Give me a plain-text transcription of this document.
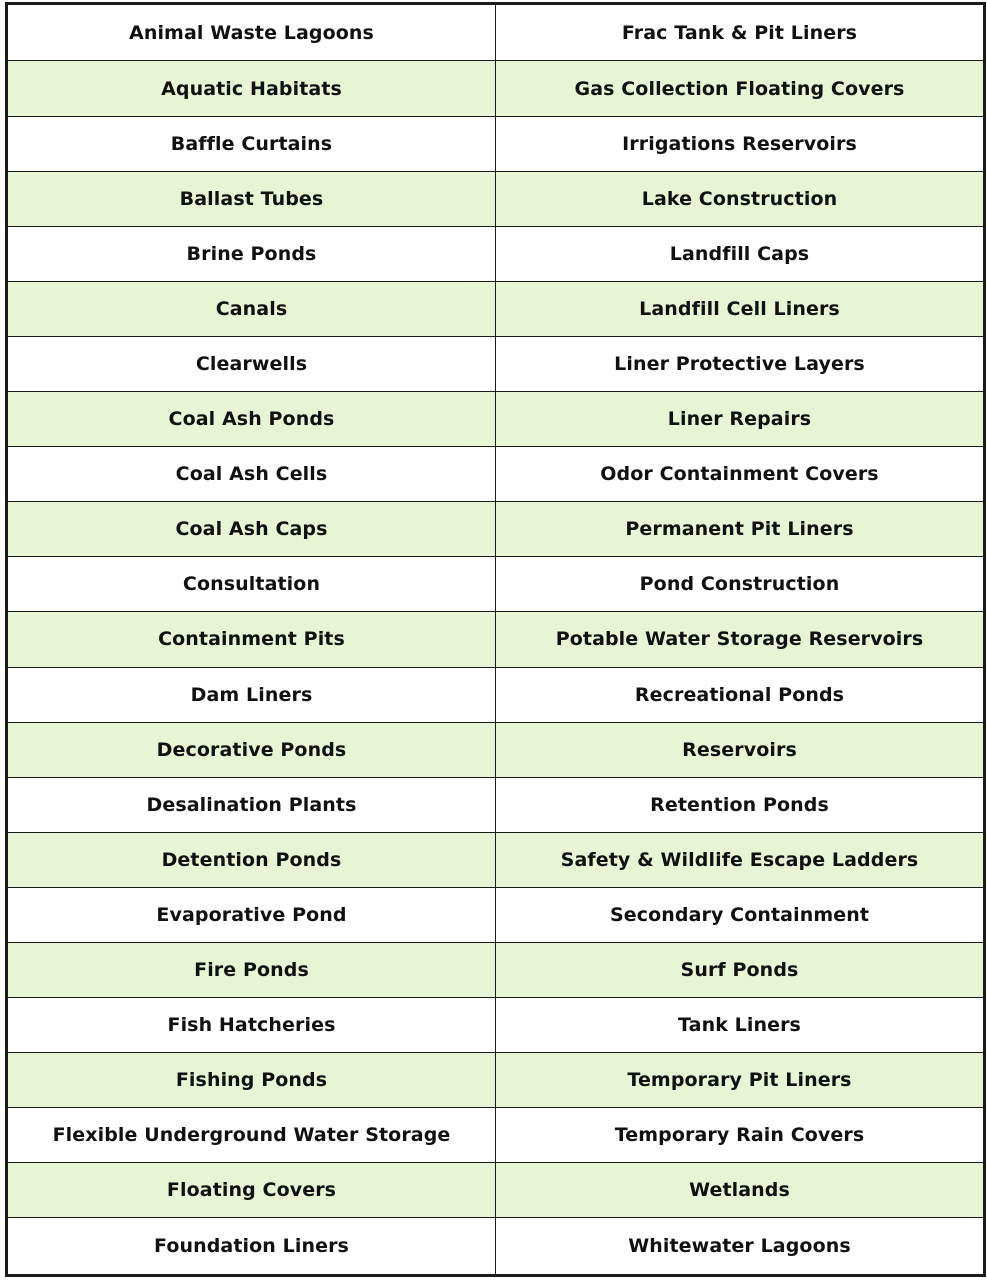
Animal Waste Lagoons	Frac Tank & Pit Liners
Aquatic Habitats	Gas Collection Floating Covers
Baffle Curtains	Irrigations Reservoirs
Ballast Tubes	Lake Construction
Brine Ponds	Landfill Caps
Canals	Landfill Cell Liners
Clearwells	Liner Protective Layers
Coal Ash Ponds	Liner Repairs
Coal Ash Cells	Odor Containment Covers
Coal Ash Caps	Permanent Pit Liners
Consultation	Pond Construction
Containment Pits	Potable Water Storage Reservoirs
Dam Liners	Recreational Ponds
Decorative Ponds	Reservoirs
Desalination Plants	Retention Ponds
Detention Ponds	Safety & Wildlife Escape Ladders
Evaporative Pond	Secondary Containment
Fire Ponds	Surf Ponds
Fish Hatcheries	Tank Liners
Fishing Ponds	Temporary Pit Liners
Flexible Underground Water Storage	Temporary Rain Covers
Floating Covers	Wetlands
Foundation Liners	Whitewater Lagoons
